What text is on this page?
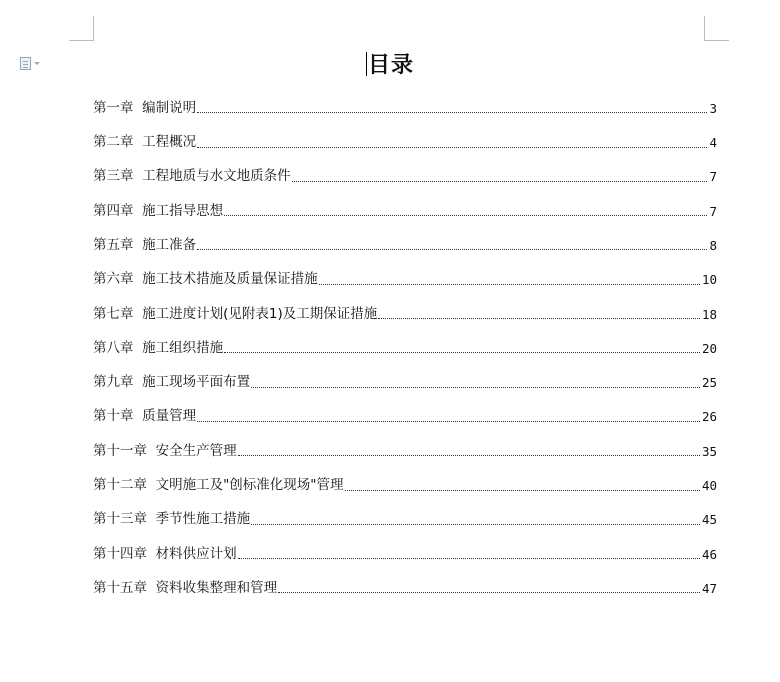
目录
第一章  编制说明	3
第二章  工程概况	4
第三章  工程地质与水文地质条件	7
第四章  施工指导思想	7
第五章  施工准备	8
第六章  施工技术措施及质量保证措施	10
第七章  施工进度计划(见附表1)及工期保证措施	18
第八章  施工组织措施	20
第九章  施工现场平面布置	25
第十章  质量管理	26
第十一章  安全生产管理	35
第十二章  文明施工及"创标准化现场"管理	40
第十三章  季节性施工措施	45
第十四章  材料供应计划	46
第十五章  资料收集整理和管理	47
